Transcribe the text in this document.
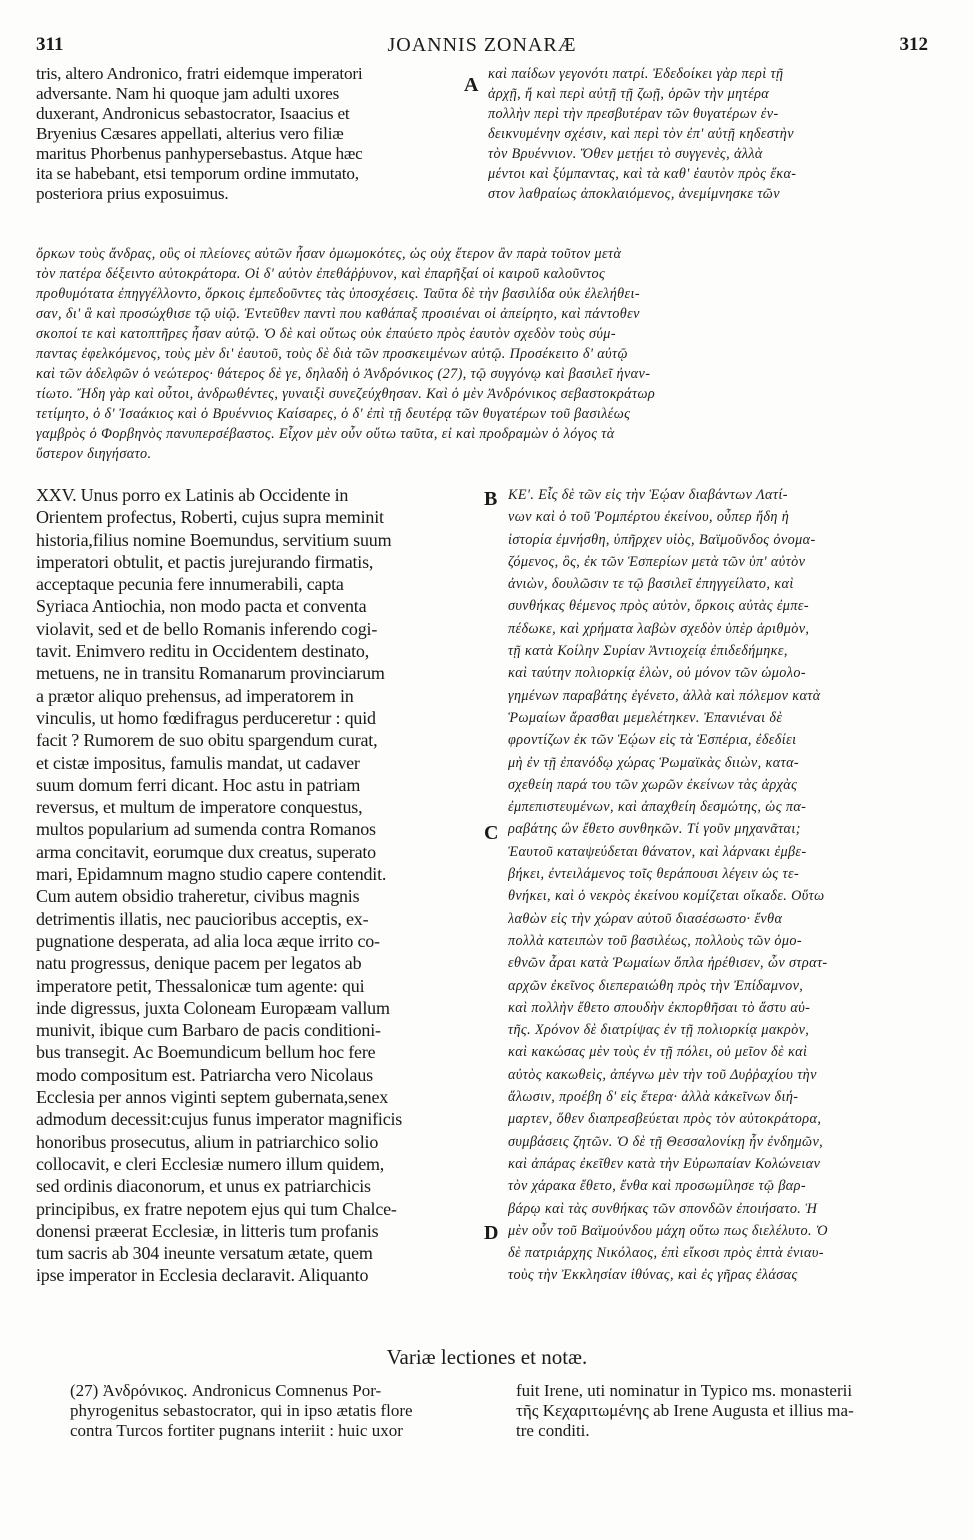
311	JOANNIS ZONARÆ	312
tris, altero Andronico, fratri eidemque imperatori
adversante. Nam hi quoque jam adulti uxores
duxerant, Andronicus sebastocrator, Isaacius et
Bryenius Cæsares appellati, alterius vero filiæ
maritus Phorbenus panhypersebastus. Atque hæc
ita se habebant, etsi temporum ordine immutato,
posteriora prius exposuimus.
καὶ παίδων γεγονότι πατρί. Ἐδεδοίκει γὰρ περὶ τῇ
ἀρχῇ, ἤ καὶ περὶ αὐτῇ τῇ ζωῇ, ὁρῶν τὴν μητέρα
πολλὴν περὶ τὴν πρεσβυτέραν τῶν θυγατέρων ἐν-
δεικνυμένην σχέσιν, καὶ περὶ τὸν ἐπ' αὐτῇ κηδεστὴν
τὸν Βρυέννιον. Ὅθεν μετῄει τὸ συγγενὲς, ἀλλὰ
μέντοι καὶ ξύμπαντας, καὶ τὰ καθ' ἑαυτὸν πρὸς ἕκα-
στον λαθραίως ἀποκλαιόμενος, ἀνεμίμνησκε τῶν
A
ὅρκων τοὺς ἄνδρας, οὓς οἱ πλείονες αὐτῶν ἦσαν ὀμωμοκότες, ὡς οὐχ ἕτερον ἂν παρὰ τοῦτον μετὰ
τὸν πατέρα δέξειντο αὐτοκράτορα. Οἱ δ' αὐτὸν ἐπεθάῤῥυνον, καὶ ἐπαρῆξαί οἱ καιροῦ καλοῦντος
προθυμότατα ἐπηγγέλλοντο, ὅρκοις ἐμπεδοῦντες τὰς ὑποσχέσεις. Ταῦτα δὲ τὴν βασιλίδα οὐκ ἐλελήθει-
σαν, δι' ἃ καὶ προσώχθισε τῷ υἱῷ. Ἐντεῦθεν παντὶ που καθάπαξ προσιέναι οἱ ἀπείρητο, καὶ πάντοθεν
σκοποί τε καὶ κατοπτῆρες ἦσαν αὐτῷ. Ὁ δὲ καὶ οὕτως οὐκ ἐπαύετο πρὸς ἑαυτὸν σχεδὸν τοὺς σύμ-
παντας ἐφελκόμενος, τοὺς μὲν δι' ἑαυτοῦ, τοὺς δὲ διὰ τῶν προσκειμένων αὐτῷ. Προσέκειτο δ' αὐτῷ
καὶ τῶν ἀδελφῶν ὁ νεώτερος· θάτερος δὲ γε, δηλαδὴ ὁ Ἀνδρόνικος (27), τῷ συγγόνῳ καὶ βασιλεῖ ἠναν-
τίωτο. Ἤδη γὰρ καὶ οὗτοι, ἀνδρωθέντες, γυναιξὶ συνεζεύχθησαν. Καὶ ὁ μὲν Ἀνδρόνικος σεβαστοκράτωρ
τετίμητο, ὁ δ' Ἰσαάκιος καὶ ὁ Βρυέννιος Καίσαρες, ὁ δ' ἐπὶ τῇ δευτέρᾳ τῶν θυγατέρων τοῦ βασιλέως
γαμβρὸς ὁ Φορβηνὸς πανυπερσέβαστος. Εἶχον μὲν οὖν οὕτω ταῦτα, εἰ καὶ προδραμὼν ὁ λόγος τὰ
ὕστερον διηγήσατο.
XXV. Unus porro ex Latinis ab Occidente in
Orientem profectus, Roberti, cujus supra meminit
historia,filius nomine Boemundus, servitium suum
imperatori obtulit, et pactis jurejurando firmatis,
acceptaque pecunia fere innumerabili, capta
Syriaca Antiochia, non modo pacta et conventa
violavit, sed et de bello Romanis inferendo cogi-
tavit. Enimvero reditu in Occidentem destinato,
metuens, ne in transitu Romanarum provinciarum
a prætor aliquo prehensus, ad imperatorem in
vinculis, ut homo fœdifragus perduceretur : quid
facit ? Rumorem de suo obitu spargendum curat,
et cistæ impositus, famulis mandat, ut cadaver
suum domum ferri dicant. Hoc astu in patriam
reversus, et multum de imperatore conquestus,
multos popularium ad sumenda contra Romanos
arma concitavit, eorumque dux creatus, superato
mari, Epidamnum magno studio capere contendit.
Cum autem obsidio traheretur, civibus magnis
detrimentis illatis, nec paucioribus acceptis, ex-
pugnatione desperata, ad alia loca æque irrito co-
natu progressus, denique pacem per legatos ab
imperatore petit, Thessalonicæ tum agente: qui
inde digressus, juxta Coloneam Europæam vallum
munivit, ibique cum Barbaro de pacis conditioni-
bus transegit. Ac Boemundicum bellum hoc fere
modo compositum est. Patriarcha vero Nicolaus
Ecclesia per annos viginti septem gubernata,senex
admodum decessit:cujus funus imperator magnificis
honoribus prosecutus, alium in patriarchico solio
collocavit, e cleri Ecclesiæ numero illum quidem,
sed ordinis diaconorum, et unus ex patriarchicis
principibus, ex fratre nepotem ejus qui tum Chalce-
donensi præerat Ecclesiæ, in litteris tum profanis
tum sacris ab 304 ineunte versatum ætate, quem
ipse imperator in Ecclesia declaravit. Aliquanto
ΚΕ'. Εἷς δὲ τῶν εἰς τὴν Ἑῴαν διαβάντων Λατί-
νων καὶ ὁ τοῦ Ῥομπέρτου ἐκείνου, οὗπερ ἤδη ἡ
ἱστορία ἐμνήσθη, ὑπῆρχεν υἱὸς, Βαϊμοῦνδος ὀνομα-
ζόμενος, ὃς, ἐκ τῶν Ἑσπερίων μετὰ τῶν ὑπ' αὐτὸν
ἀνιὼν, δουλῶσιν τε τῷ βασιλεῖ ἐπηγγείλατο, καὶ
συνθήκας θέμενος πρὸς αὐτὸν, ὅρκοις αὐτὰς ἐμπε-
πέδωκε, καὶ χρήματα λαβὼν σχεδὸν ὑπὲρ ἀριθμὸν,
τῇ κατὰ Κοίλην Συρίαν Ἀντιοχείᾳ ἐπιδεδήμηκε,
καὶ ταύτην πολιορκίᾳ ἑλὼν, οὐ μόνον τῶν ὡμολο-
γημένων παραβάτης ἐγένετο, ἀλλὰ καὶ πόλεμον κατὰ
Ῥωμαίων ἄρασθαι μεμελέτηκεν. Ἐπανιέναι δὲ
φροντίζων ἐκ τῶν Ἑῴων εἰς τὰ Ἑσπέρια, ἐδεδίει
μὴ ἐν τῇ ἐπανόδῳ χώρας Ῥωμαϊκὰς διιὼν, κατα-
σχεθείη παρά του τῶν χωρῶν ἐκείνων τὰς ἀρχὰς
ἐμπεπιστευμένων, καὶ ἀπαχθείη δεσμώτης, ὡς πα-
ραβάτης ὢν ἔθετο συνθηκῶν. Τί γοῦν μηχανᾶται;
Ἑαυτοῦ καταψεύδεται θάνατον, καὶ λάρνακι ἐμβε-
βήκει, ἐντειλάμενος τοῖς θεράπουσι λέγειν ὡς τε-
θνήκει, καὶ ὁ νεκρὸς ἐκείνου κομίζεται οἴκαδε. Οὕτω
λαθὼν εἰς τὴν χώραν αὐτοῦ διασέσωστο· ἔνθα
πολλὰ κατειπὼν τοῦ βασιλέως, πολλοὺς τῶν ὁμο-
εθνῶν ἆραι κατὰ Ῥωμαίων ὅπλα ἠρέθισεν, ὧν στρατ-
αρχῶν ἐκεῖνος διεπεραιώθη πρὸς τὴν Ἐπίδαμνον,
καὶ πολλὴν ἔθετο σπουδὴν ἐκπορθῆσαι τὸ ἄστυ αὐ-
τῆς. Χρόνον δὲ διατρίψας ἐν τῇ πολιορκίᾳ μακρὸν,
καὶ κακώσας μὲν τοὺς ἐν τῇ πόλει, οὐ μεῖον δὲ καὶ
αὐτὸς κακωθεὶς, ἀπέγνω μὲν τὴν τοῦ Δυῤῥαχίου τὴν
ἅλωσιν, προέβη δ' εἰς ἕτερα· ἀλλὰ κἀκεῖνων διή-
μαρτεν, ὅθεν διαπρεσβεύεται πρὸς τὸν αὐτοκράτορα,
συμβάσεις ζητῶν. Ὁ δὲ τῇ Θεσσαλονίκῃ ἦν ἐνδημῶν,
καὶ ἀπάρας ἐκεῖθεν κατὰ τὴν Εὐρωπαίαν Κολώνειαν
τὸν χάρακα ἔθετο, ἔνθα καὶ προσωμίλησε τῷ βαρ-
βάρῳ καὶ τὰς συνθήκας τῶν σπονδῶν ἐποιήσατο. Ἡ
μὲν οὖν τοῦ Βαϊμούνδου μάχη οὕτω πως διελέλυτο. Ὁ
δὲ πατριάρχης Νικόλαος, ἐπὶ εἴκοσι πρὸς ἑπτὰ ἐνιαυ-
τοὺς τὴν Ἐκκλησίαν ἰθύνας, καὶ ἐς γῆρας ἐλάσας
B
C
D
Variæ lectiones et notæ.
(27) Ἀνδρόνικος. Andronicus Comnenus Por-
phyrogenitus sebastocrator, qui in ipso ætatis flore
contra Turcos fortiter pugnans interiit : huic uxor
fuit Irene, uti nominatur in Typico ms. monasterii
τῆς Κεχαριτωμένης ab Irene Augusta et illius ma-
tre conditi.
